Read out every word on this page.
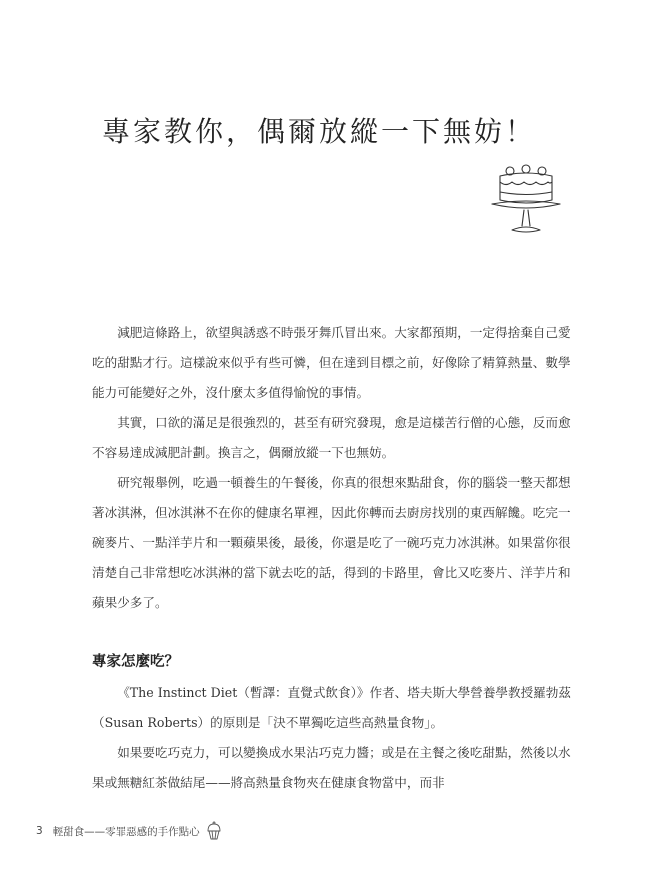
專家教你，偶爾放縱一下無妨！

減肥這條路上，欲望與誘惑不時張牙舞爪冒出來。大家都預期，一定得捨棄自己愛吃的甜點才行。這樣說來似乎有些可憐，但在達到目標之前，好像除了精算熱量、數學能力可能變好之外，沒什麼太多值得愉悅的事情。

其實，口欲的滿足是很強烈的，甚至有研究發現，愈是這樣苦行僧的心態，反而愈不容易達成減肥計劃。換言之，偶爾放縱一下也無妨。

研究報舉例，吃過一頓養生的午餐後，你真的很想來點甜食，你的腦袋一整天都想著冰淇淋，但冰淇淋不在你的健康名單裡，因此你轉而去廚房找別的東西解饞。吃完一碗麥片、一點洋芋片和一顆蘋果後，最後，你還是吃了一碗巧克力冰淇淋。如果當你很清楚自己非常想吃冰淇淋的當下就去吃的話，得到的卡路里，會比又吃麥片、洋芋片和蘋果少多了。

專家怎麼吃？

《The Instinct Diet（暫譯：直覺式飲食）》作者、塔夫斯大學營養學教授羅勃茲（Susan Roberts）的原則是「決不單獨吃這些高熱量食物」。

如果要吃巧克力，可以變換成水果沾巧克力醬；或是在主餐之後吃甜點，然後以水果或無糖紅茶做結尾——將高熱量食物夾在健康食物當中，而非

3 輕甜食——零罪惡感的手作點心
